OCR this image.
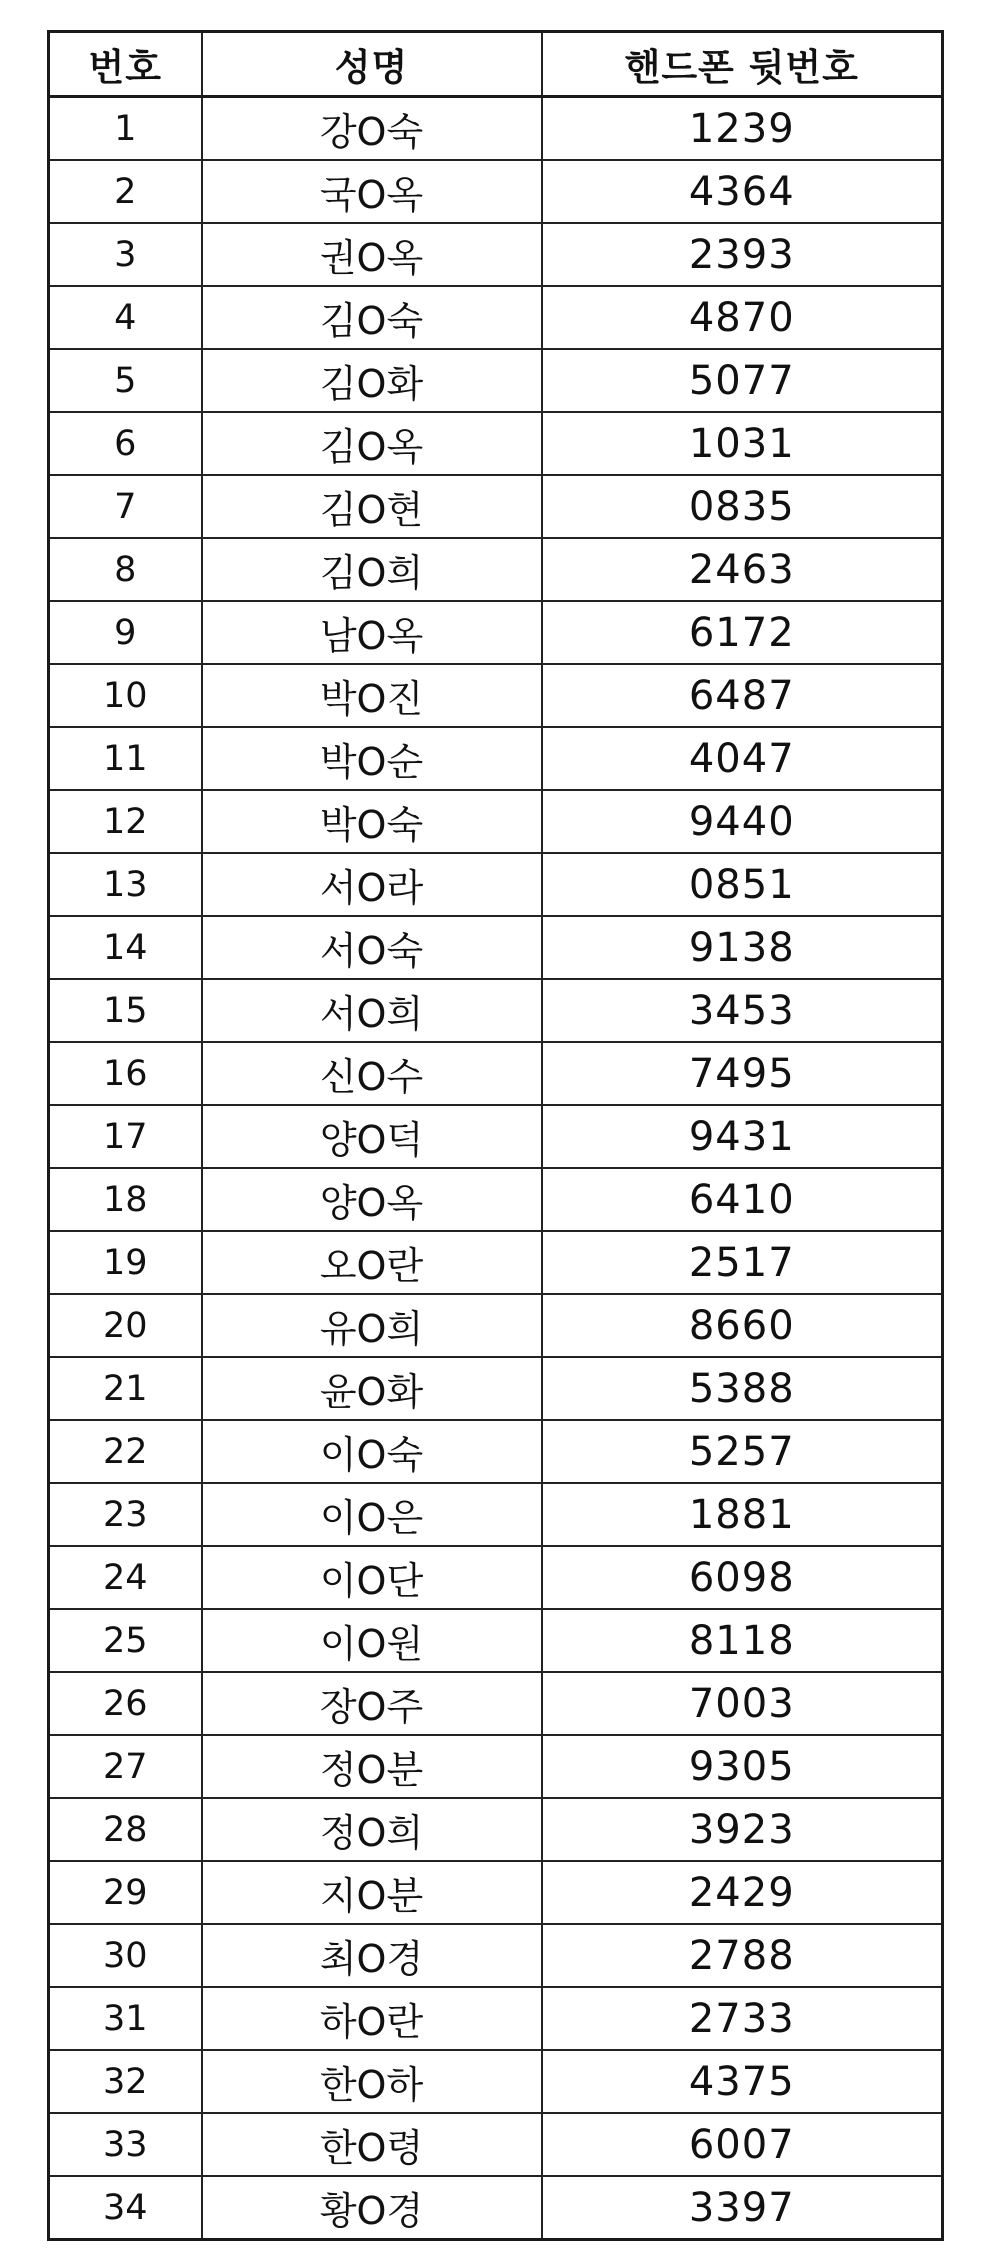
번호	성명	핸드폰 뒷번호
1	강O숙	1239
2	국O옥	4364
3	권O옥	2393
4	김O숙	4870
5	김O화	5077
6	김O옥	1031
7	김O현	0835
8	김O희	2463
9	남O옥	6172
10	박O진	6487
11	박O순	4047
12	박O숙	9440
13	서O라	0851
14	서O숙	9138
15	서O희	3453
16	신O수	7495
17	양O덕	9431
18	양O옥	6410
19	오O란	2517
20	유O희	8660
21	윤O화	5388
22	이O숙	5257
23	이O은	1881
24	이O단	6098
25	이O원	8118
26	장O주	7003
27	정O분	9305
28	정O희	3923
29	지O분	2429
30	최O경	2788
31	하O란	2733
32	한O하	4375
33	한O령	6007
34	황O경	3397
